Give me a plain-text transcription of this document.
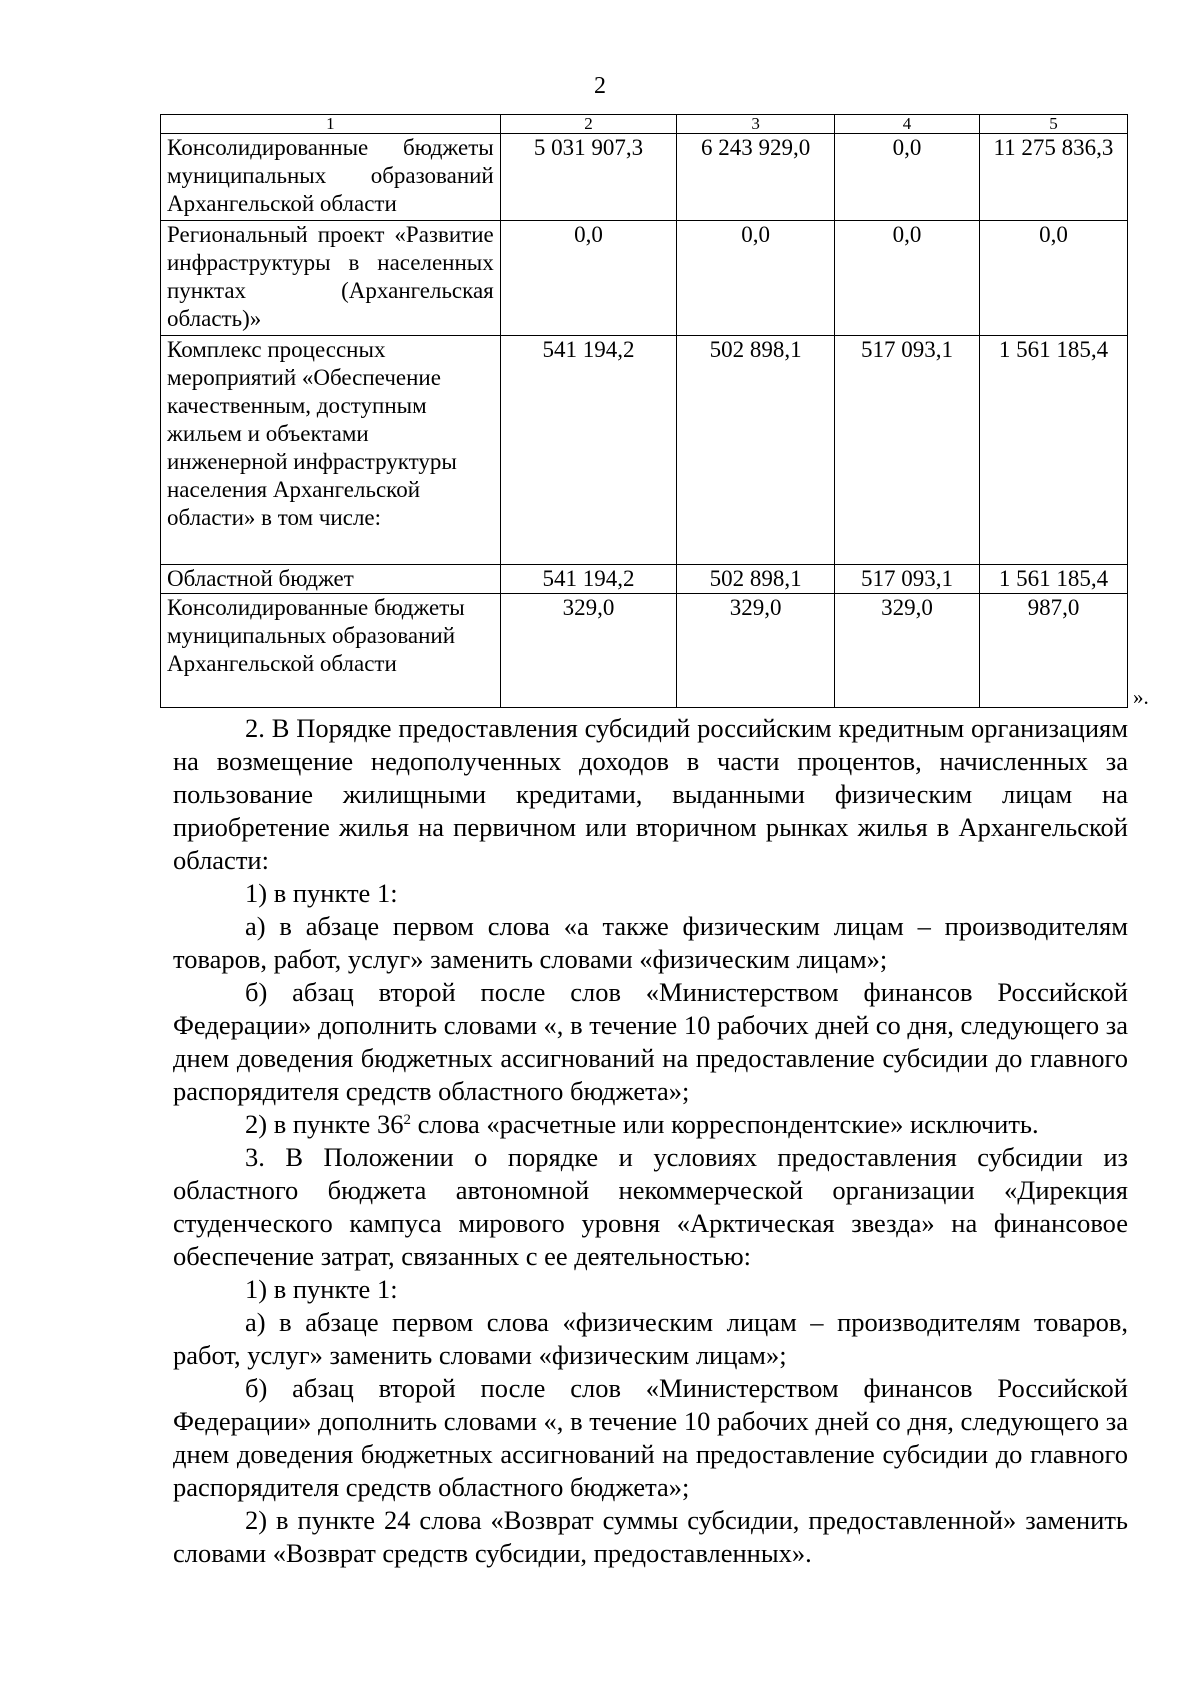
2
1	2	3	4	5
Консолидированные бюджеты муниципальных образований Архангельской области	5 031 907,3	6 243 929,0	0,0	11 275 836,3
Региональный проект «Развитие инфраструктуры в населенных пунктах (Архангельская область)»	0,0	0,0	0,0	0,0
Комплекс процессных мероприятий «Обеспечение качественным, доступным жильем и объектами инженерной инфраструктуры населения Архангельской области» в том числе:	541 194,2	502 898,1	517 093,1	1 561 185,4
Областной бюджет	541 194,2	502 898,1	517 093,1	1 561 185,4
Консолидированные бюджеты муниципальных образований Архангельской области	329,0	329,0	329,0	987,0
».

2. В Порядке предоставления субсидий российским кредитным организациям на возмещение недополученных доходов в части процентов, начисленных за пользование жилищными кредитами, выданными физическим лицам на приобретение жилья на первичном или вторичном рынках жилья в Архангельской области:

1) в пункте 1:

а) в абзаце первом слова «а также физическим лицам – производителям товаров, работ, услуг» заменить словами «физическим лицам»;

б) абзац второй после слов «Министерством финансов Российской Федерации» дополнить словами «, в течение 10 рабочих дней со дня, следующего за днем доведения бюджетных ассигнований на предоставление субсидии до главного распорядителя средств областного бюджета»;

2) в пункте $36^2$ слова «расчетные или корреспондентские» исключить.

3. В Положении о порядке и условиях предоставления субсидии из областного бюджета автономной некоммерческой организации «Дирекция студенческого кампуса мирового уровня «Арктическая звезда» на финансовое обеспечение затрат, связанных с ее деятельностью:

1) в пункте 1:

а) в абзаце первом слова «физическим лицам – производителям товаров, работ, услуг» заменить словами «физическим лицам»;

б) абзац второй после слов «Министерством финансов Российской Федерации» дополнить словами «, в течение 10 рабочих дней со дня, следующего за днем доведения бюджетных ассигнований на предоставление субсидии до главного распорядителя средств областного бюджета»;

2) в пункте 24 слова «Возврат суммы субсидии, предоставленной» заменить словами «Возврат средств субсидии, предоставленных».
